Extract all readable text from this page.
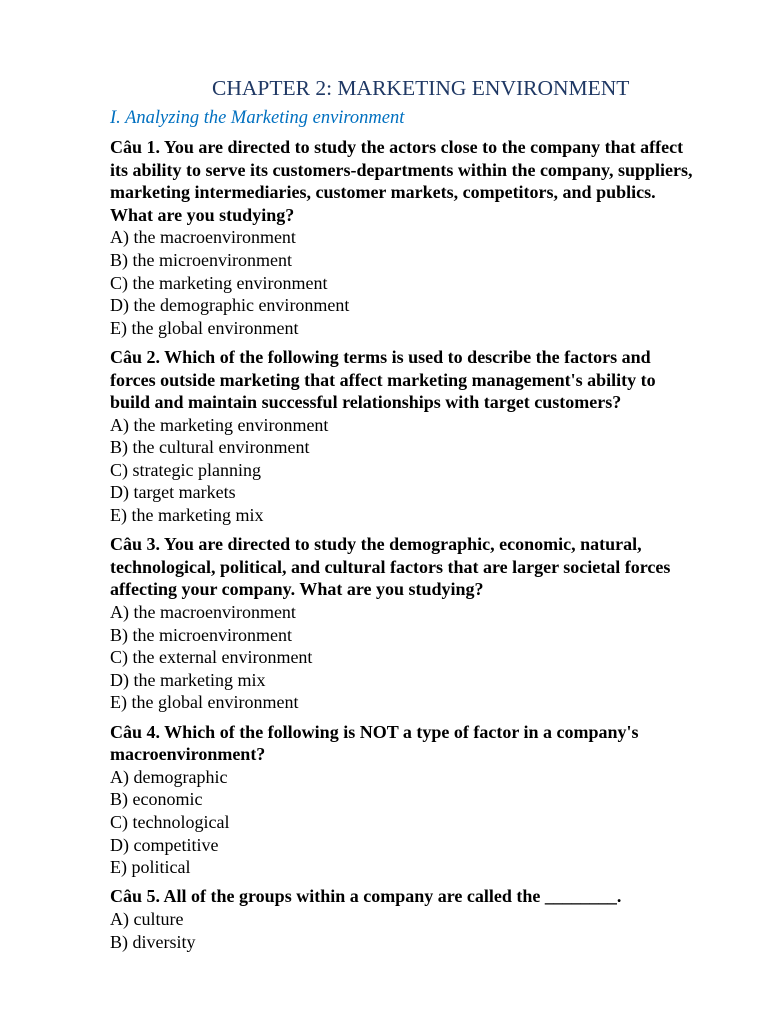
CHAPTER 2: MARKETING ENVIRONMENT
I. Analyzing the Marketing environment
Câu 1. You are directed to study the actors close to the company that affect
its ability to serve its customers-departments within the company, suppliers,
marketing intermediaries, customer markets, competitors, and publics.
What are you studying?
A) the macroenvironment
B) the microenvironment
C) the marketing environment
D) the demographic environment
E) the global environment
Câu 2. Which of the following terms is used to describe the factors and
forces outside marketing that affect marketing management's ability to
build and maintain successful relationships with target customers?
A) the marketing environment
B) the cultural environment
C) strategic planning
D) target markets
E) the marketing mix
Câu 3. You are directed to study the demographic, economic, natural,
technological, political, and cultural factors that are larger societal forces
affecting your company. What are you studying?
A) the macroenvironment
B) the microenvironment
C) the external environment
D) the marketing mix
E) the global environment
Câu 4. Which of the following is NOT a type of factor in a company's
macroenvironment?
A) demographic
B) economic
C) technological
D) competitive
E) political
Câu 5. All of the groups within a company are called the ________.
A) culture
B) diversity
